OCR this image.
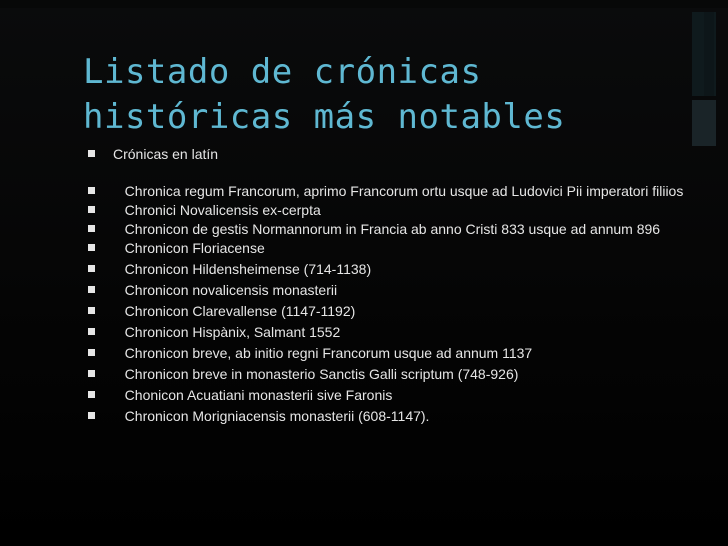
Listado de crónicas
históricas más notables
Crónicas en latín
Chronica regum Francorum, aprimo Francorum ortu usque ad Ludovici Pii imperatori filiios
Chronici Novalicensis ex-cerpta
Chronicon de gestis Normannorum in Francia ab anno Cristi 833 usque ad annum 896
Chronicon Floriacense
Chronicon Hildensheimense (714-1138)
Chronicon novalicensis monasterii
Chronicon Clarevallense (1147-1192)
Chronicon Hispànix, Salmant 1552
Chronicon breve, ab initio regni Francorum usque ad annum 1137
Chronicon breve in monasterio Sanctis Galli scriptum (748-926)
Chonicon Acuatiani monasterii sive Faronis
Chronicon Morigniacensis monasterii (608-1147).
